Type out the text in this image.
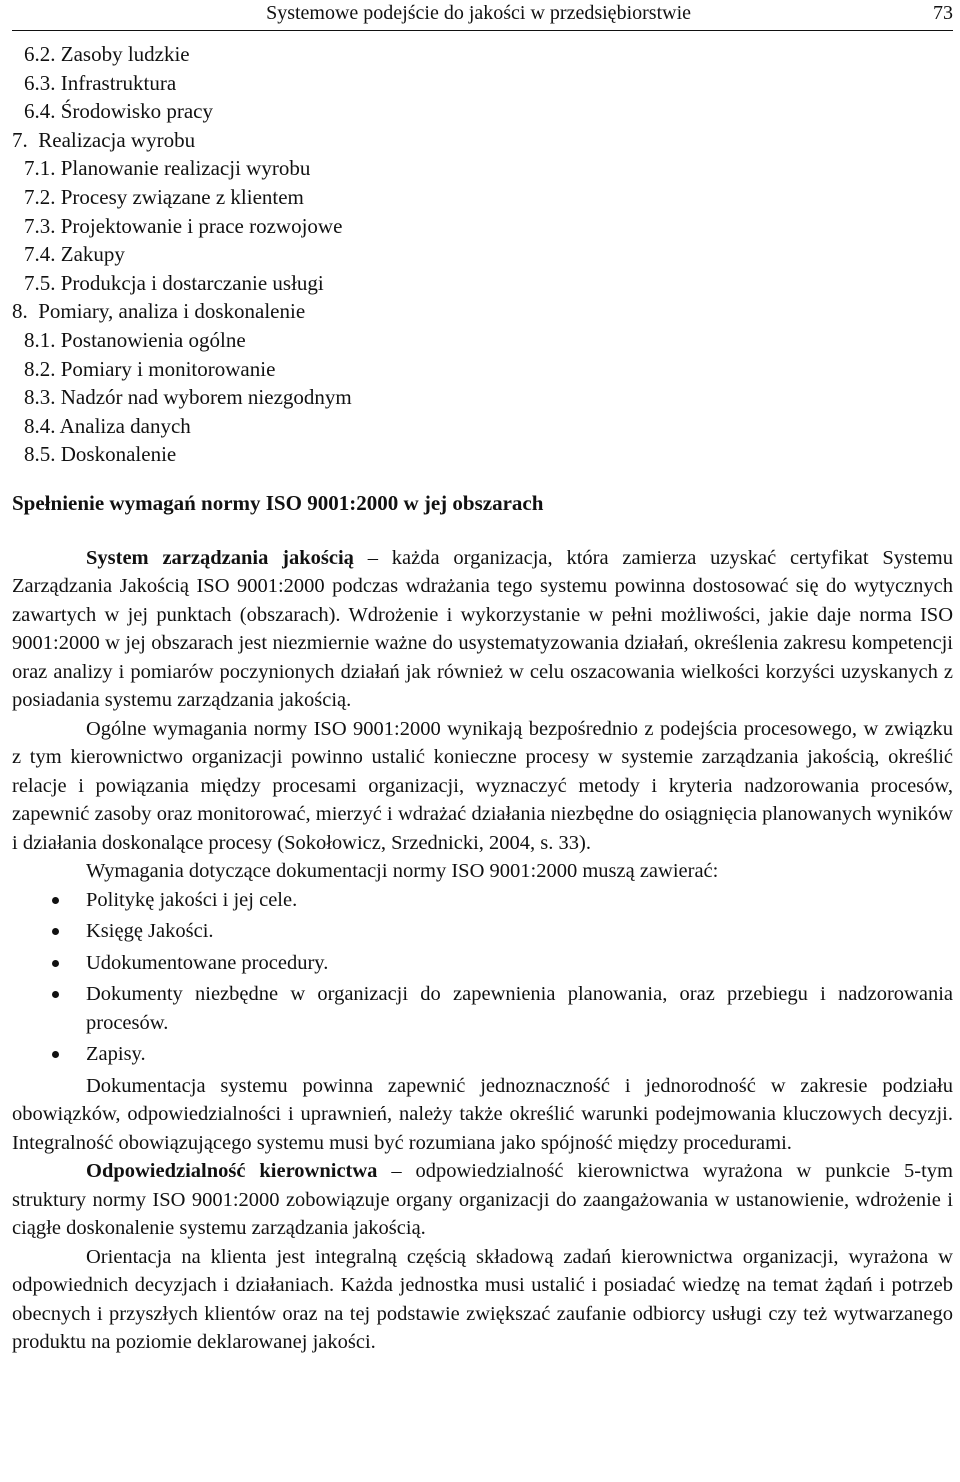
Systemowe podejście do jakości w przedsiębiorstwie	73
6.2. Zasoby ludzkie
6.3. Infrastruktura
6.4. Środowisko pracy
7. Realizacja wyrobu
7.1. Planowanie realizacji wyrobu
7.2. Procesy związane z klientem
7.3. Projektowanie i prace rozwojowe
7.4. Zakupy
7.5. Produkcja i dostarczanie usługi
8. Pomiary, analiza i doskonalenie
8.1. Postanowienia ogólne
8.2. Pomiary i monitorowanie
8.3. Nadzór nad wyborem niezgodnym
8.4. Analiza danych
8.5. Doskonalenie
Spełnienie wymagań normy ISO 9001:2000 w jej obszarach

System zarządzania jakością – każda organizacja, która zamierza uzyskać certyfikat Systemu Zarządzania Jakością ISO 9001:2000 podczas wdrażania tego systemu powinna dostosować się do wytycznych zawartych w jej punktach (obszarach). Wdrożenie i wykorzystanie w pełni możliwości, jakie daje norma ISO 9001:2000 w jej obszarach jest niezmiernie ważne do usystematyzowania działań, określenia zakresu kompetencji oraz analizy i pomiarów poczynionych działań jak również w celu oszacowania wielkości korzyści uzyskanych z posiadania systemu zarządzania jakością.

Ogólne wymagania normy ISO 9001:2000 wynikają bezpośrednio z podejścia procesowego, w związku z tym kierownictwo organizacji powinno ustalić konieczne procesy w systemie zarządzania jakością, określić relacje i powiązania między procesami organizacji, wyznaczyć metody i kryteria nadzorowania procesów, zapewnić zasoby oraz monitorować, mierzyć i wdrażać działania niezbędne do osiągnięcia planowanych wyników i działania doskonalące procesy (Sokołowicz, Srzednicki, 2004, s. 33).

Wymagania dotyczące dokumentacji normy ISO 9001:2000 muszą zawierać:

Politykę jakości i jej cele.
Księgę Jakości.
Udokumentowane procedury.
Dokumenty niezbędne w organizacji do zapewnienia planowania, oraz przebiegu i nadzorowania procesów.
Zapisy.

Dokumentacja systemu powinna zapewnić jednoznaczność i jednorodność w zakresie podziału obowiązków, odpowiedzialności i uprawnień, należy także określić warunki podejmowania kluczowych decyzji. Integralność obowiązującego systemu musi być rozumiana jako spójność między procedurami.

Odpowiedzialność kierownictwa – odpowiedzialność kierownictwa wyrażona w punkcie 5-tym struktury normy ISO 9001:2000 zobowiązuje organy organizacji do zaangażowania w ustanowienie, wdrożenie i ciągłe doskonalenie systemu zarządzania jakością.

Orientacja na klienta jest integralną częścią składową zadań kierownictwa organizacji, wyrażona w odpowiednich decyzjach i działaniach. Każda jednostka musi ustalić i posiadać wiedzę na temat żądań i potrzeb obecnych i przyszłych klientów oraz na tej podstawie zwiększać zaufanie odbiorcy usługi czy też wytwarzanego produktu na poziomie deklarowanej jakości.
